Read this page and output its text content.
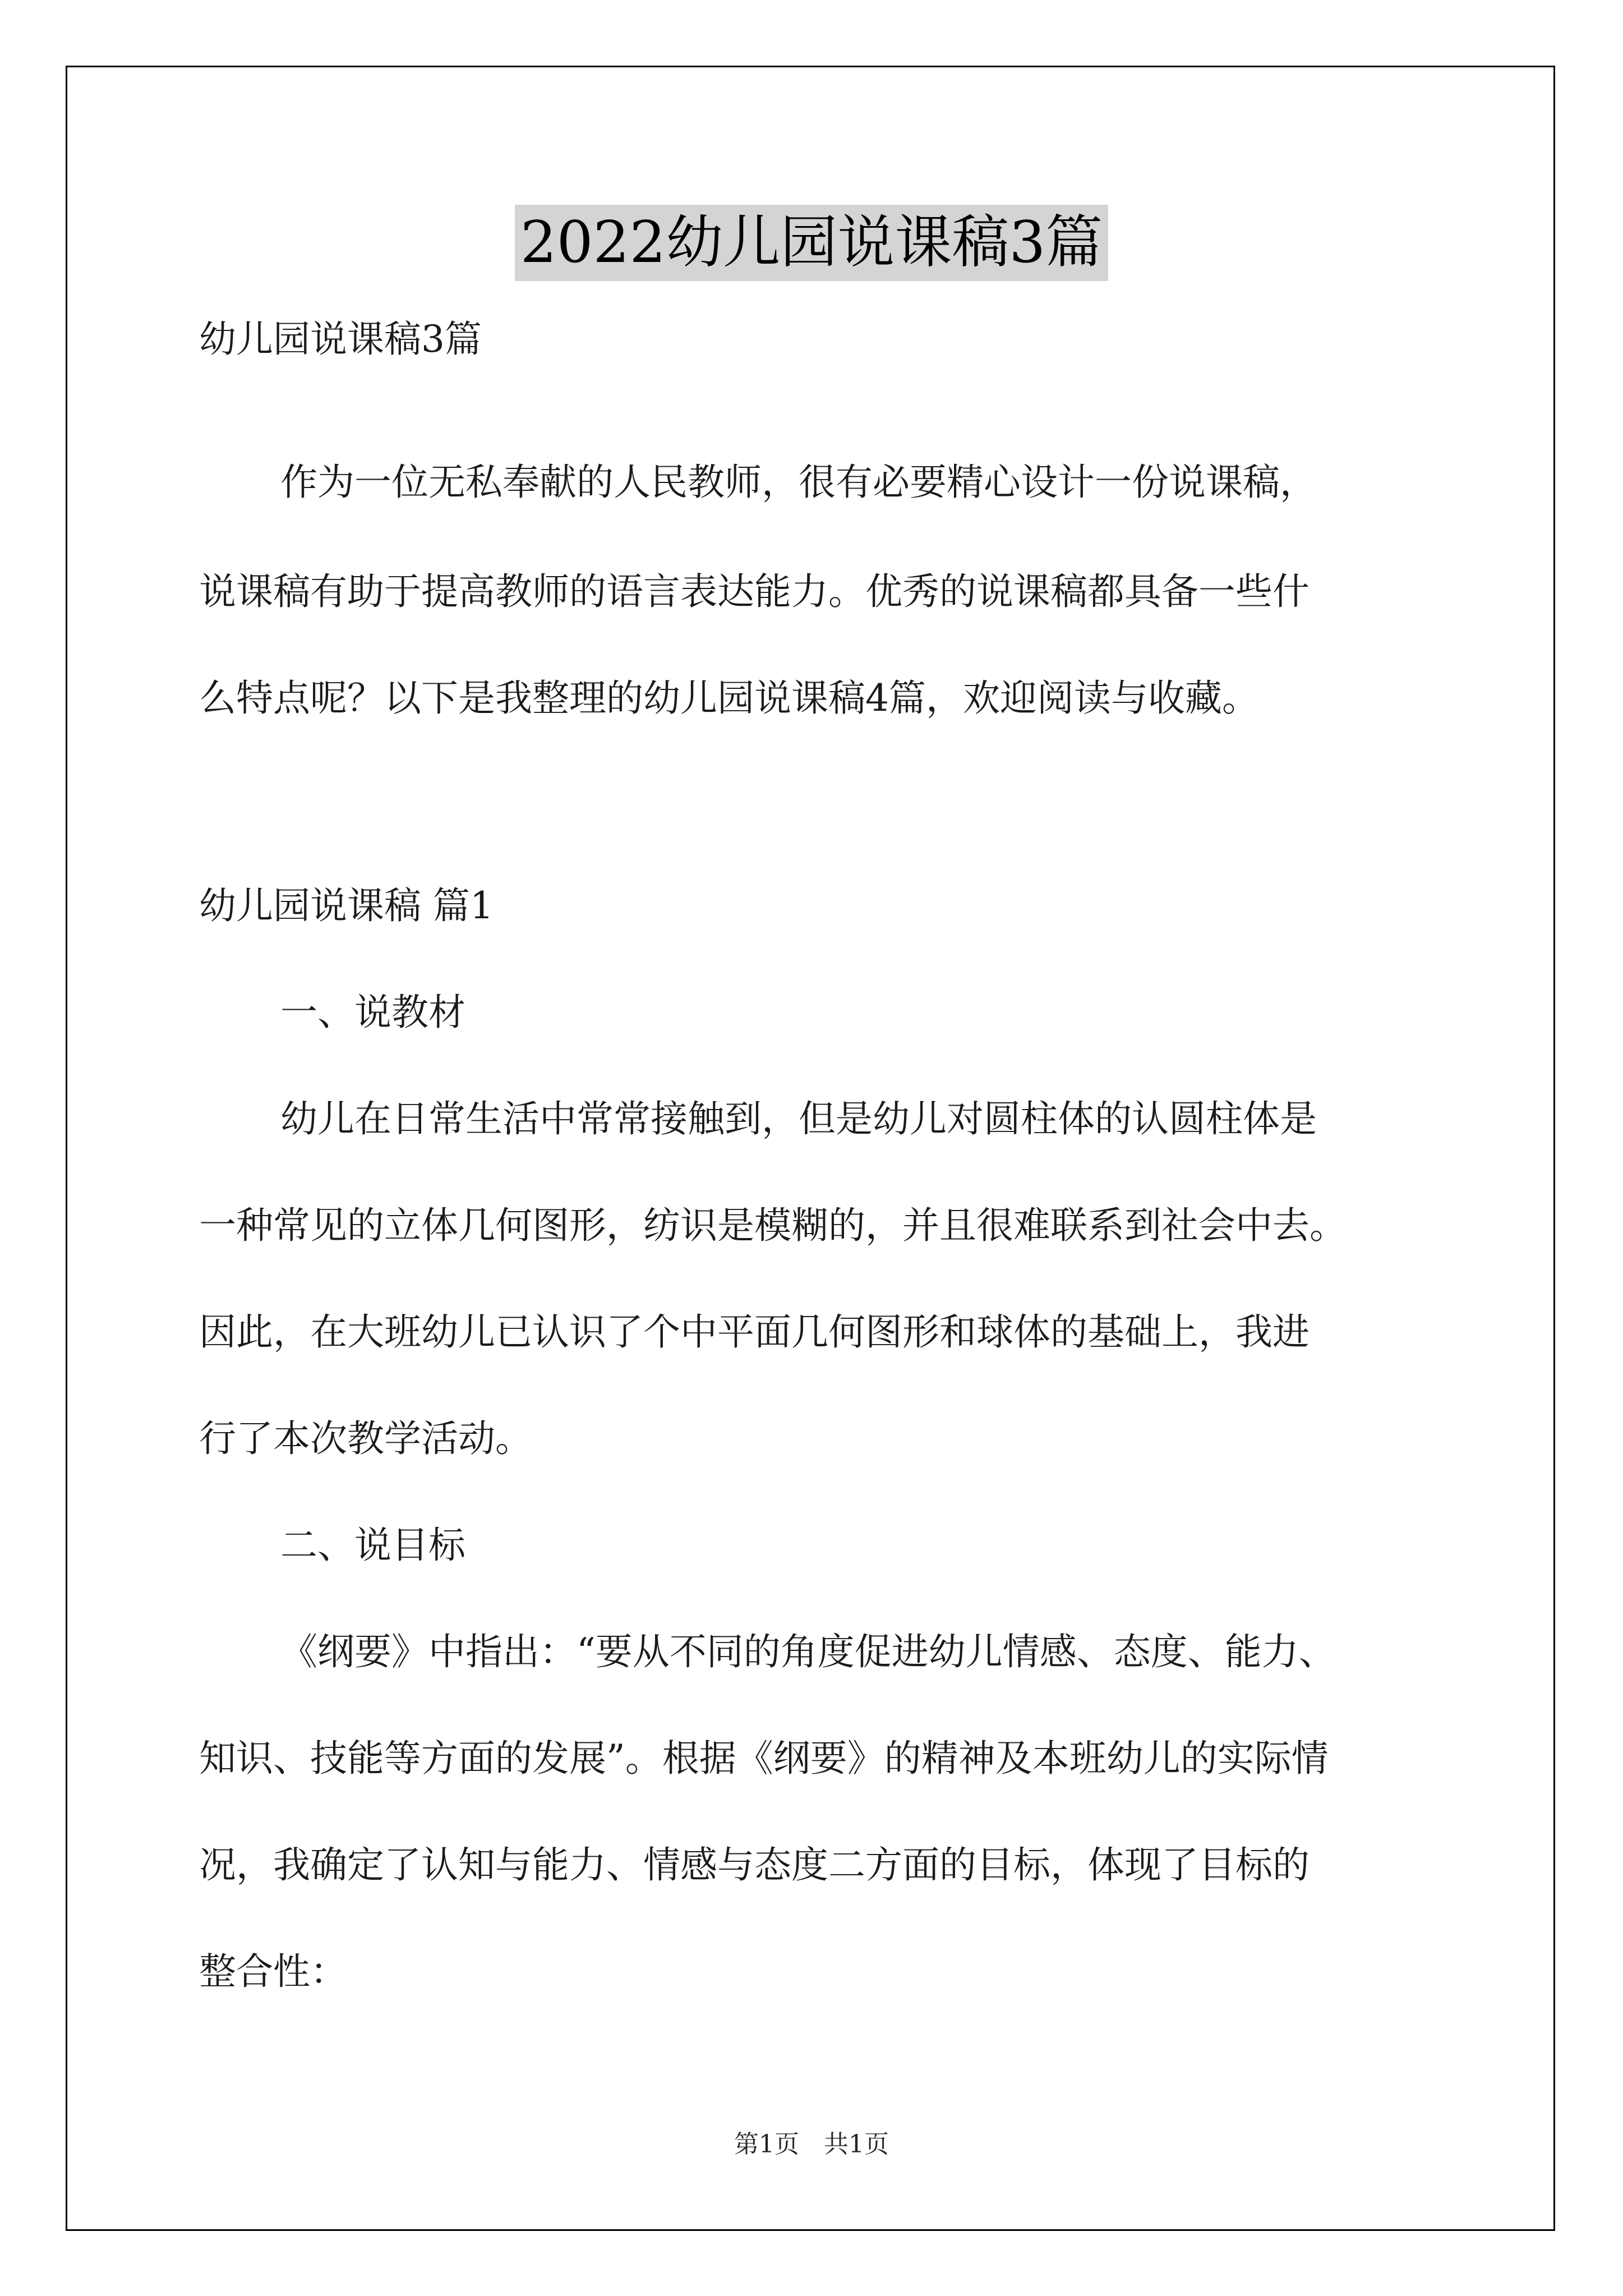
2022幼儿园说课稿3篇
幼儿园说课稿3篇
作为一位无私奉献的人民教师，很有必要精心设计一份说课稿，
说课稿有助于提高教师的语言表达能力。优秀的说课稿都具备一些什
么特点呢？以下是我整理的幼儿园说课稿4篇，欢迎阅读与收藏。
幼儿园说课稿 篇1
一、说教材
幼儿在日常生活中常常接触到，但是幼儿对圆柱体的认圆柱体是
一种常见的立体几何图形，纺识是模糊的，并且很难联系到社会中去。
因此，在大班幼儿已认识了个中平面几何图形和球体的基础上，我进
行了本次教学活动。
二、说目标
《纲要》中指出：“要从不同的角度促进幼儿情感、态度、能力、
知识、技能等方面的发展”。根据《纲要》的精神及本班幼儿的实际情
况，我确定了认知与能力、情感与态度二方面的目标，体现了目标的
整合性：
第1页　共1页
